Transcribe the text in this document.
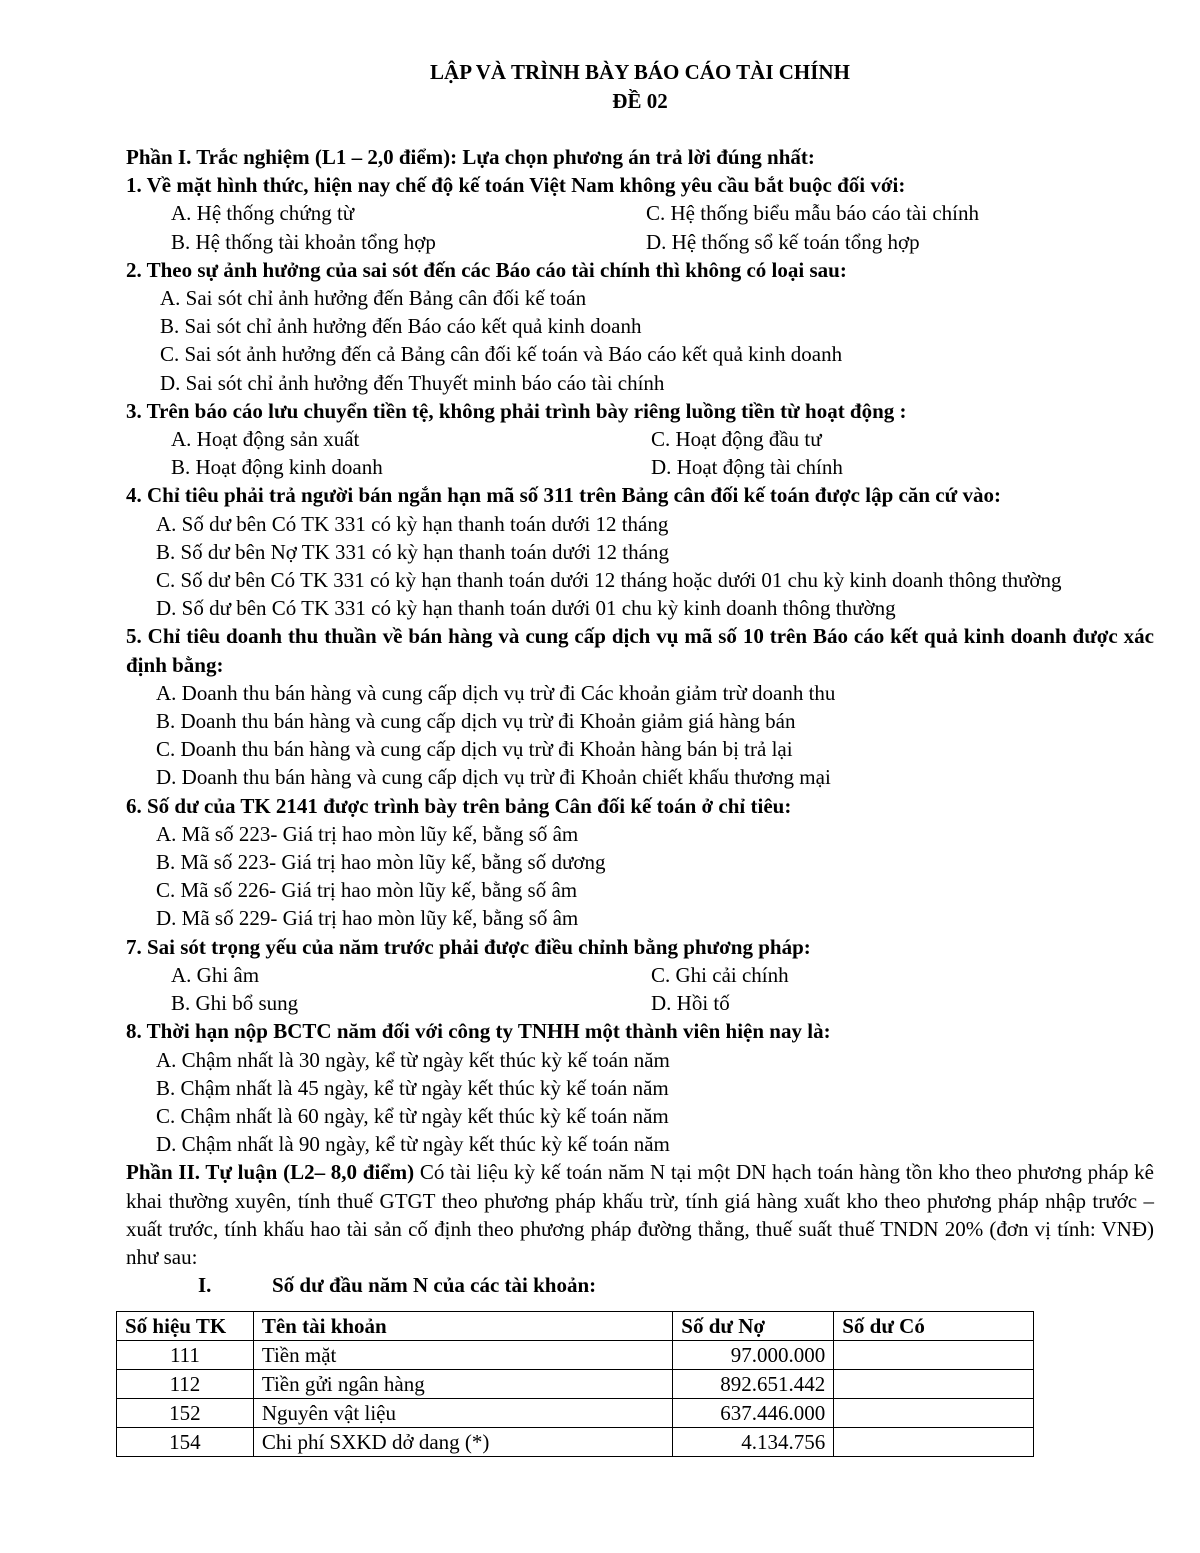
LẬP VÀ TRÌNH BÀY BÁO CÁO TÀI CHÍNH
ĐỀ 02
Phần I. Trắc nghiệm (L1 – 2,0 điểm): Lựa chọn phương án trả lời đúng nhất:
1. Về mặt hình thức, hiện nay chế độ kế toán Việt Nam không yêu cầu bắt buộc đối với:
A. Hệ thống chứng từ	C. Hệ thống biểu mẫu báo cáo tài chính
B. Hệ thống tài khoản tổng hợp	D. Hệ thống sổ kế toán tổng hợp
2. Theo sự ảnh hưởng của sai sót đến các Báo cáo tài chính thì không có loại sau:
A. Sai sót chỉ ảnh hưởng đến Bảng cân đối kế toán
B. Sai sót chỉ ảnh hưởng đến Báo cáo kết quả kinh doanh
C. Sai sót ảnh hưởng đến cả Bảng cân đối kế toán và Báo cáo kết quả kinh doanh
D. Sai sót chỉ ảnh hưởng đến Thuyết minh báo cáo tài chính
3. Trên báo cáo lưu chuyển tiền tệ, không phải trình bày riêng luồng tiền từ hoạt động :
A. Hoạt động sản xuất	C. Hoạt động đầu tư
B. Hoạt động kinh doanh	D. Hoạt động tài chính
4. Chỉ tiêu phải trả người bán ngắn hạn mã số 311 trên Bảng cân đối kế toán được lập căn cứ vào:
A. Số dư bên Có TK 331 có kỳ hạn thanh toán dưới 12 tháng
B. Số dư bên Nợ TK 331 có kỳ hạn thanh toán dưới 12 tháng
C. Số dư bên Có TK 331 có kỳ hạn thanh toán dưới 12 tháng hoặc dưới 01 chu kỳ kinh doanh thông thường
D. Số dư bên Có TK 331 có kỳ hạn thanh toán dưới 01 chu kỳ kinh doanh thông thường
5. Chỉ tiêu doanh thu thuần về bán hàng và cung cấp dịch vụ mã số 10 trên Báo cáo kết quả kinh doanh được xác định bằng:
A. Doanh thu bán hàng và cung cấp dịch vụ trừ đi Các khoản giảm trừ doanh thu
B. Doanh thu bán hàng và cung cấp dịch vụ trừ đi Khoản giảm giá hàng bán
C. Doanh thu bán hàng và cung cấp dịch vụ trừ đi Khoản hàng bán bị trả lại
D. Doanh thu bán hàng và cung cấp dịch vụ trừ đi Khoản chiết khấu thương mại
6. Số dư của TK 2141 được trình bày trên bảng Cân đối kế toán ở chỉ tiêu:
A. Mã số 223- Giá trị hao mòn lũy kế, bằng số âm
B. Mã số 223- Giá trị hao mòn lũy kế, bằng số dương
C. Mã số 226- Giá trị hao mòn lũy kế, bằng số âm
D. Mã số 229- Giá trị hao mòn lũy kế, bằng số âm
7. Sai sót trọng yếu của năm trước phải được điều chỉnh bằng phương pháp:
A. Ghi âm	C. Ghi cải chính
B. Ghi bổ sung	D. Hồi tố
8. Thời hạn nộp BCTC năm đối với công ty TNHH một thành viên hiện nay là:
A. Chậm nhất là 30 ngày, kể từ ngày kết thúc kỳ kế toán năm
B. Chậm nhất là 45 ngày, kể từ ngày kết thúc kỳ kế toán năm
C. Chậm nhất là 60 ngày, kể từ ngày kết thúc kỳ kế toán năm
D. Chậm nhất là 90 ngày, kể từ ngày kết thúc kỳ kế toán năm
Phần II. Tự luận (L2– 8,0 điểm) Có tài liệu kỳ kế toán năm N tại một DN hạch toán hàng tồn kho theo phương pháp kê khai thường xuyên, tính thuế GTGT theo phương pháp khấu trừ, tính giá hàng xuất kho theo phương pháp nhập trước – xuất trước, tính khấu hao tài sản cố định theo phương pháp đường thẳng, thuế suất thuế TNDN 20% (đơn vị tính: VNĐ) như sau:
I.	Số dư đầu năm N của các tài khoản:
Số hiệu TK	Tên tài khoản	Số dư Nợ	Số dư Có
111	Tiền mặt	97.000.000	
112	Tiền gửi ngân hàng	892.651.442	
152	Nguyên vật liệu	637.446.000	
154	Chi phí SXKD dở dang (*)	4.134.756	
